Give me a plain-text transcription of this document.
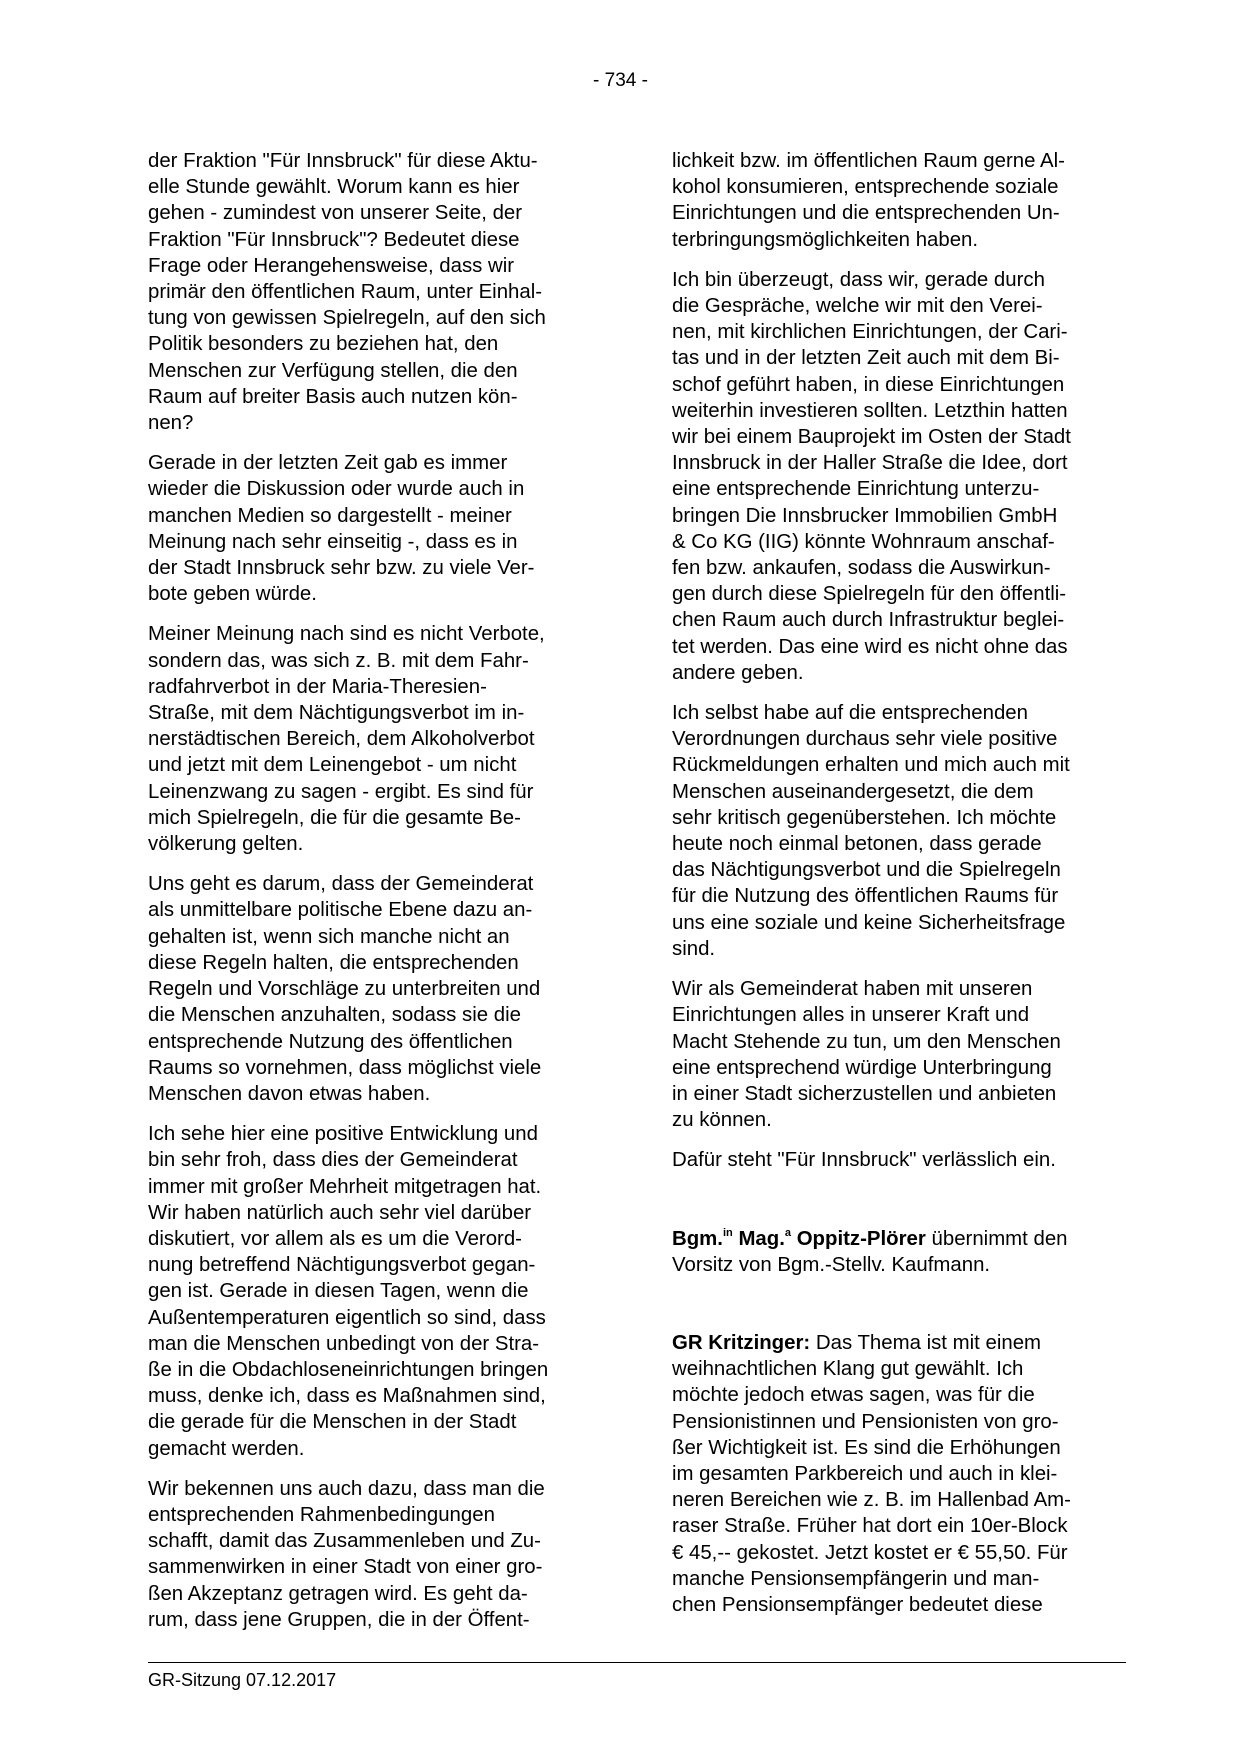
- 734 -

der Fraktion "Für Innsbruck" für diese Aktu-
elle Stunde gewählt. Worum kann es hier
gehen - zumindest von unserer Seite, der
Fraktion "Für Innsbruck"? Bedeutet diese
Frage oder Herangehensweise, dass wir
primär den öffentlichen Raum, unter Einhal-
tung von gewissen Spielregeln, auf den sich
Politik besonders zu beziehen hat, den
Menschen zur Verfügung stellen, die den
Raum auf breiter Basis auch nutzen kön-
nen?

Gerade in der letzten Zeit gab es immer
wieder die Diskussion oder wurde auch in
manchen Medien so dargestellt - meiner
Meinung nach sehr einseitig -, dass es in
der Stadt Innsbruck sehr bzw. zu viele Ver-
bote geben würde.

Meiner Meinung nach sind es nicht Verbote,
sondern das, was sich z. B. mit dem Fahr-
radfahrverbot in der Maria-Theresien-
Straße, mit dem Nächtigungsverbot im in-
nerstädtischen Bereich, dem Alkoholverbot
und jetzt mit dem Leinengebot - um nicht
Leinenzwang zu sagen - ergibt. Es sind für
mich Spielregeln, die für die gesamte Be-
völkerung gelten.

Uns geht es darum, dass der Gemeinderat
als unmittelbare politische Ebene dazu an-
gehalten ist, wenn sich manche nicht an
diese Regeln halten, die entsprechenden
Regeln und Vorschläge zu unterbreiten und
die Menschen anzuhalten, sodass sie die
entsprechende Nutzung des öffentlichen
Raums so vornehmen, dass möglichst viele
Menschen davon etwas haben.

Ich sehe hier eine positive Entwicklung und
bin sehr froh, dass dies der Gemeinderat
immer mit großer Mehrheit mitgetragen hat.
Wir haben natürlich auch sehr viel darüber
diskutiert, vor allem als es um die Verord-
nung betreffend Nächtigungsverbot gegan-
gen ist. Gerade in diesen Tagen, wenn die
Außentemperaturen eigentlich so sind, dass
man die Menschen unbedingt von der Stra-
ße in die Obdachloseneinrichtungen bringen
muss, denke ich, dass es Maßnahmen sind,
die gerade für die Menschen in der Stadt
gemacht werden.

Wir bekennen uns auch dazu, dass man die
entsprechenden Rahmenbedingungen
schafft, damit das Zusammenleben und Zu-
sammenwirken in einer Stadt von einer gro-
ßen Akzeptanz getragen wird. Es geht da-
rum, dass jene Gruppen, die in der Öffent-

lichkeit bzw. im öffentlichen Raum gerne Al-
kohol konsumieren, entsprechende soziale
Einrichtungen und die entsprechenden Un-
terbringungsmöglichkeiten haben.

Ich bin überzeugt, dass wir, gerade durch
die Gespräche, welche wir mit den Verei-
nen, mit kirchlichen Einrichtungen, der Cari-
tas und in der letzten Zeit auch mit dem Bi-
schof geführt haben, in diese Einrichtungen
weiterhin investieren sollten. Letzthin hatten
wir bei einem Bauprojekt im Osten der Stadt
Innsbruck in der Haller Straße die Idee, dort
eine entsprechende Einrichtung unterzu-
bringen Die Innsbrucker Immobilien GmbH
& Co KG (IIG) könnte Wohnraum anschaf-
fen bzw. ankaufen, sodass die Auswirkun-
gen durch diese Spielregeln für den öffentli-
chen Raum auch durch Infrastruktur beglei-
tet werden. Das eine wird es nicht ohne das
andere geben.

Ich selbst habe auf die entsprechenden
Verordnungen durchaus sehr viele positive
Rückmeldungen erhalten und mich auch mit
Menschen auseinandergesetzt, die dem
sehr kritisch gegenüberstehen. Ich möchte
heute noch einmal betonen, dass gerade
das Nächtigungsverbot und die Spielregeln
für die Nutzung des öffentlichen Raums für
uns eine soziale und keine Sicherheitsfrage
sind.

Wir als Gemeinderat haben mit unseren
Einrichtungen alles in unserer Kraft und
Macht Stehende zu tun, um den Menschen
eine entsprechend würdige Unterbringung
in einer Stadt sicherzustellen und anbieten
zu können.

Dafür steht "Für Innsbruck" verlässlich ein.

Bgm.$^{in}$ Mag.$^a$ Oppitz-Plörer übernimmt den
Vorsitz von Bgm.-Stellv. Kaufmann.

GR Kritzinger: Das Thema ist mit einem
weihnachtlichen Klang gut gewählt. Ich
möchte jedoch etwas sagen, was für die
Pensionistinnen und Pensionisten von gro-
ßer Wichtigkeit ist. Es sind die Erhöhungen
im gesamten Parkbereich und auch in klei-
neren Bereichen wie z. B. im Hallenbad Am-
raser Straße. Früher hat dort ein 10er-Block
€ 45,-- gekostet. Jetzt kostet er € 55,50. Für
manche Pensionsempfängerin und man-
chen Pensionsempfänger bedeutet diese

GR-Sitzung 07.12.2017
